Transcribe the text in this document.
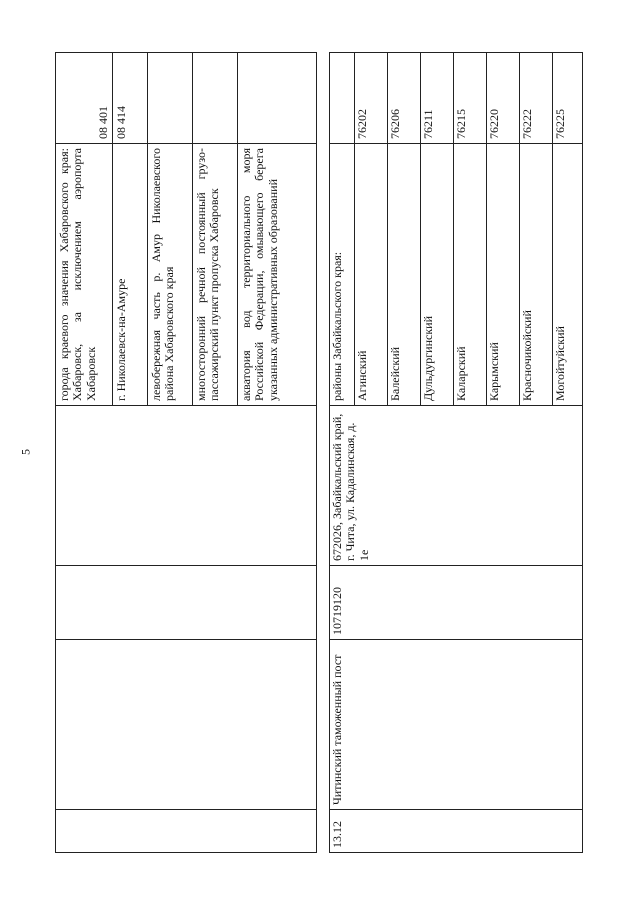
5
				города краевого значения Хабаровского края: Хабаровск, за исключением аэропорта Хабаровск	08 401
				г. Николаевск-на-Амуре	08 414
				левобережная часть р. Амур Николаевского района Хабаровского края	
				многосторонний речной постоянный грузо-пассажирский пункт пропуска Хабаровск	
				акватория вод территориального моря Российской Федерации, омывающего берега указанных административных образований	
13.12	Читинский таможенный пост	10719120	672026, Забайкальский край, г. Чита, ул. Кадалинская, д. 1е	районы Забайкальского края:	
				Агинский	76202
				Балейский	76206
				Дульдургинский	76211
				Каларский	76215
				Карымский	76220
				Красночикойский	76222
				Могойтуйский	76225
